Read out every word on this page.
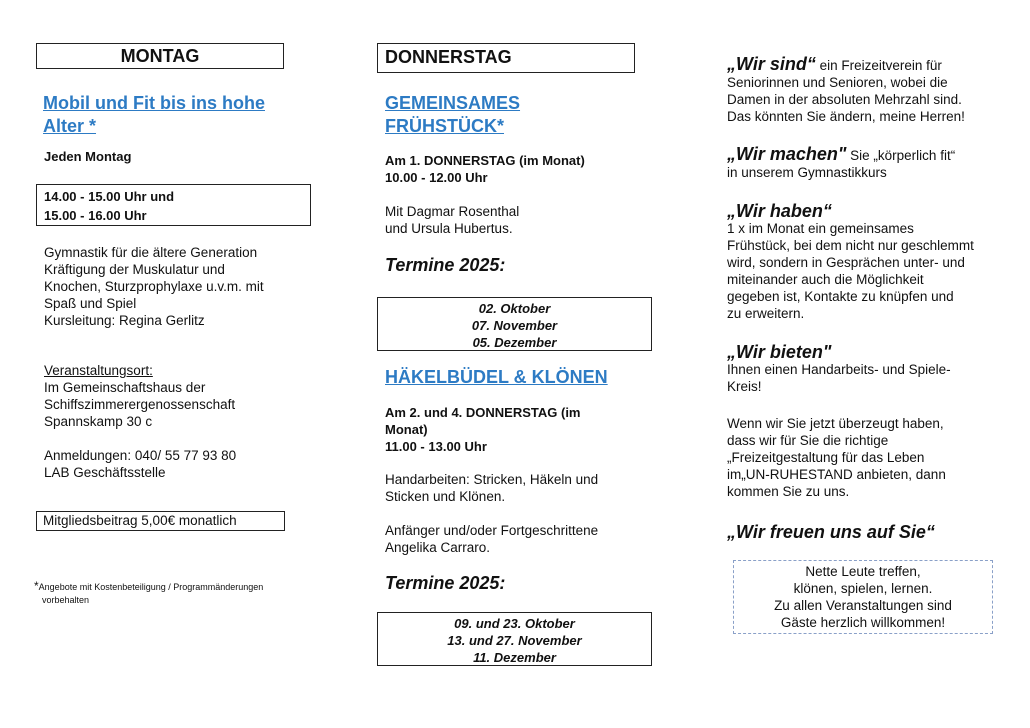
MONTAG
Mobil und Fit bis ins hohe
Alter *
Jeden Montag
14.00 - 15.00 Uhr und
15.00 - 16.00 Uhr
Gymnastik für die ältere Generation
Kräftigung der Muskulatur und
Knochen, Sturzprophylaxe u.v.m. mit
Spaß und Spiel
Kursleitung: Regina Gerlitz
Veranstaltungsort:
Im Gemeinschaftshaus der
Schiffszimmerergenossenschaft
Spannskamp 30 c
Anmeldungen: 040/ 55 77 93 80
LAB Geschäftsstelle
Mitgliedsbeitrag 5,00€ monatlich
*Angebote mit Kostenbeteiligung / Programmänderungen
vorbehalten
DONNERSTAG
GEMEINSAMES
FRÜHSTÜCK*
Am 1. DONNERSTAG (im Monat)
10.00 - 12.00 Uhr
Mit Dagmar Rosenthal
und Ursula Hubertus.
Termine 2025:
02. Oktober
07. November
05. Dezember
HÄKELBÜDEL & KLÖNEN
Am 2. und 4. DONNERSTAG (im
Monat)
11.00 - 13.00 Uhr
Handarbeiten: Stricken, Häkeln und
Sticken und Klönen.
Anfänger und/oder Fortgeschrittene
Angelika Carraro.
Termine 2025:
09. und 23. Oktober
13. und 27. November
11. Dezember
„Wir sind“ ein Freizeitverein für
Seniorinnen und Senioren, wobei die
Damen in der absoluten Mehrzahl sind.
Das könnten Sie ändern, meine Herren!
„Wir machen" Sie „körperlich fit“
in unserem Gymnastikkurs
„Wir haben“
1 x im Monat ein gemeinsames
Frühstück, bei dem nicht nur geschlemmt
wird, sondern in Gesprächen unter- und
miteinander auch die Möglichkeit
gegeben ist, Kontakte zu knüpfen und
zu erweitern.
„Wir bieten"
Ihnen einen Handarbeits- und Spiele-
Kreis!
Wenn wir Sie jetzt überzeugt haben,
dass wir für Sie die richtige
„Freizeitgestaltung für das Leben
im„UN-RUHESTAND anbieten, dann
kommen Sie zu uns.
„Wir freuen uns auf Sie“
Nette Leute treffen,
klönen, spielen, lernen.
Zu allen Veranstaltungen sind
Gäste herzlich willkommen!
